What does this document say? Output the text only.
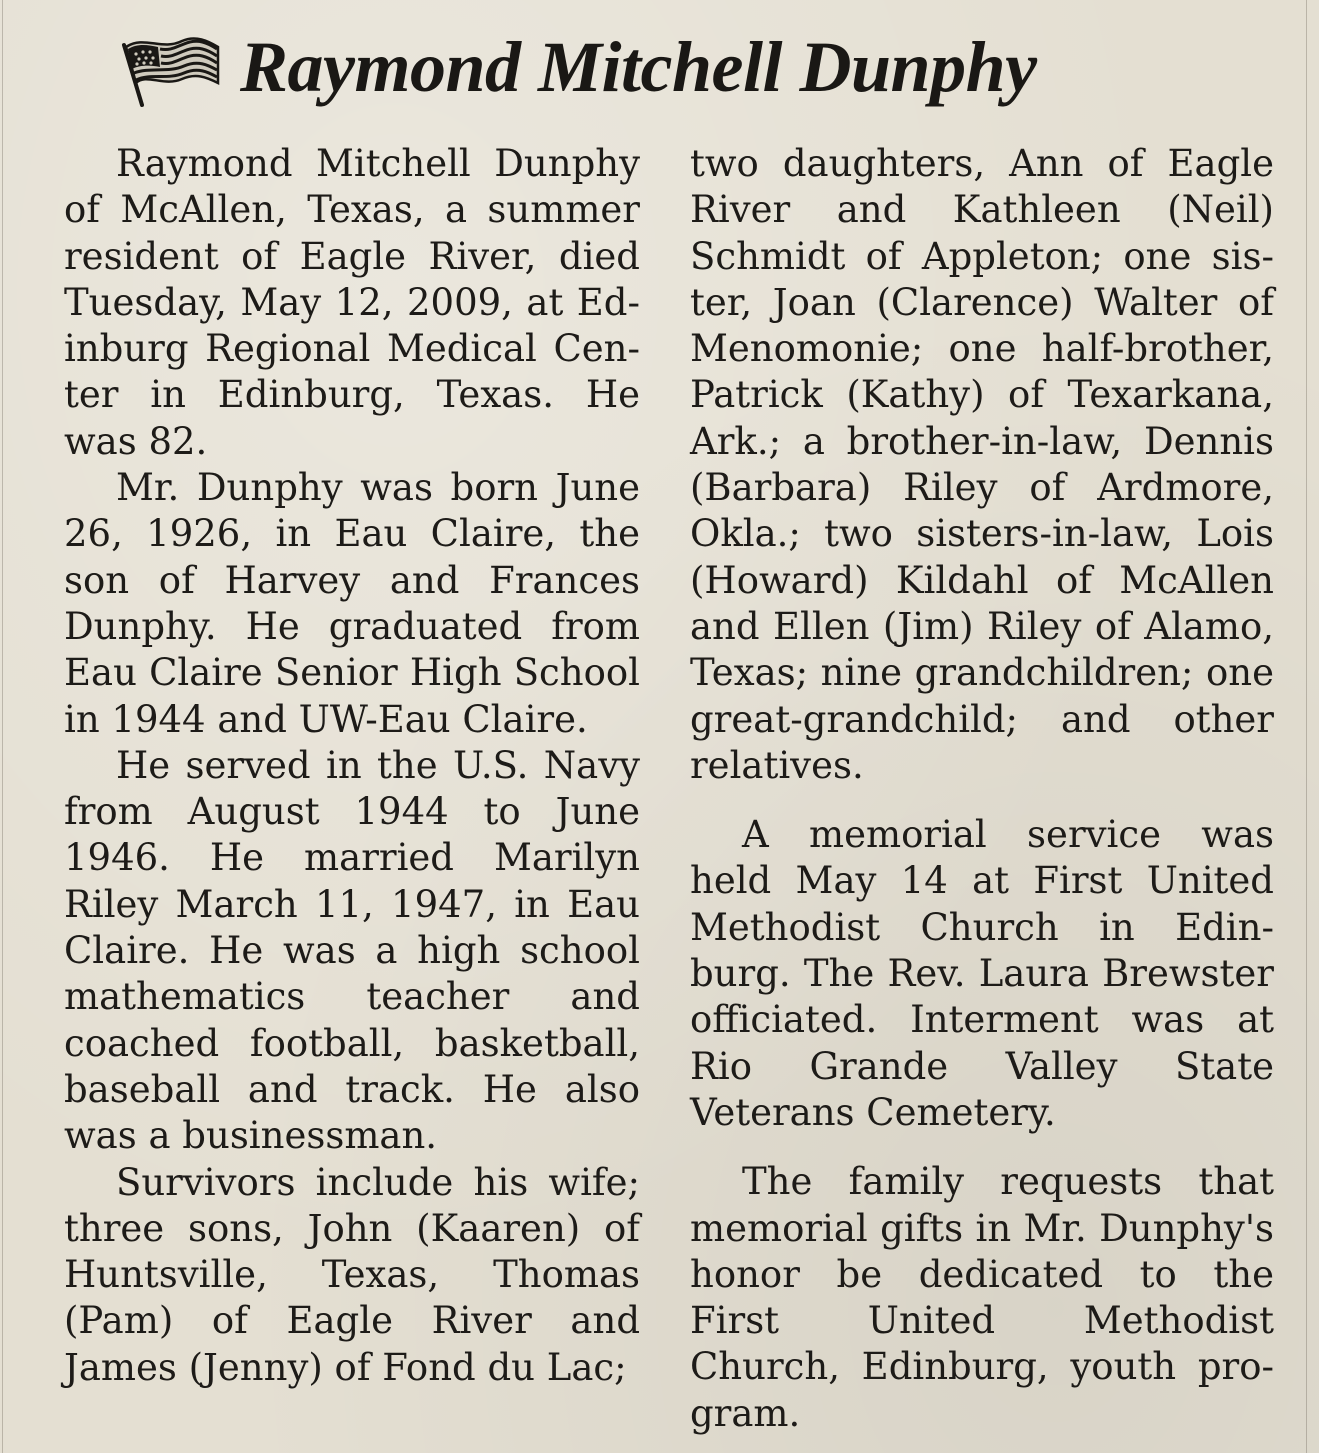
Raymond Mitchell Dunphy

Raymond Mitchell Dunphy of McAllen, Texas, a summer resident of Eagle River, died Tuesday, May 12, 2009, at Edinburg Regional Medical Center in Edinburg, Texas. He was 82.

Mr. Dunphy was born June 26, 1926, in Eau Claire, the son of Harvey and Frances Dunphy. He graduated from Eau Claire Senior High School in 1944 and UW-Eau Claire.

He served in the U.S. Navy from August 1944 to June 1946. He married Marilyn Riley March 11, 1947, in Eau Claire. He was a high school mathematics teacher and coached football, basketball, baseball and track. He also was a businessman.

Survivors include his wife; three sons, John (Kaaren) of Huntsville, Texas, Thomas (Pam) of Eagle River and James (Jenny) of Fond du Lac;

two daughters, Ann of Eagle River and Kathleen (Neil) Schmidt of Appleton; one sister, Joan (Clarence) Walter of Menomonie; one half-brother, Patrick (Kathy) of Texarkana, Ark.; a brother-in-law, Dennis (Barbara) Riley of Ardmore, Okla.; two sisters-in-law, Lois (Howard) Kildahl of McAllen and Ellen (Jim) Riley of Alamo, Texas; nine grandchildren; one great-grandchild; and other relatives.

A memorial service was held May 14 at First United Methodist Church in Edinburg. The Rev. Laura Brewster officiated. Interment was at Rio Grande Valley State Veterans Cemetery.

The family requests that memorial gifts in Mr. Dunphy's honor be dedicated to the First United Methodist Church, Edinburg, youth program.
